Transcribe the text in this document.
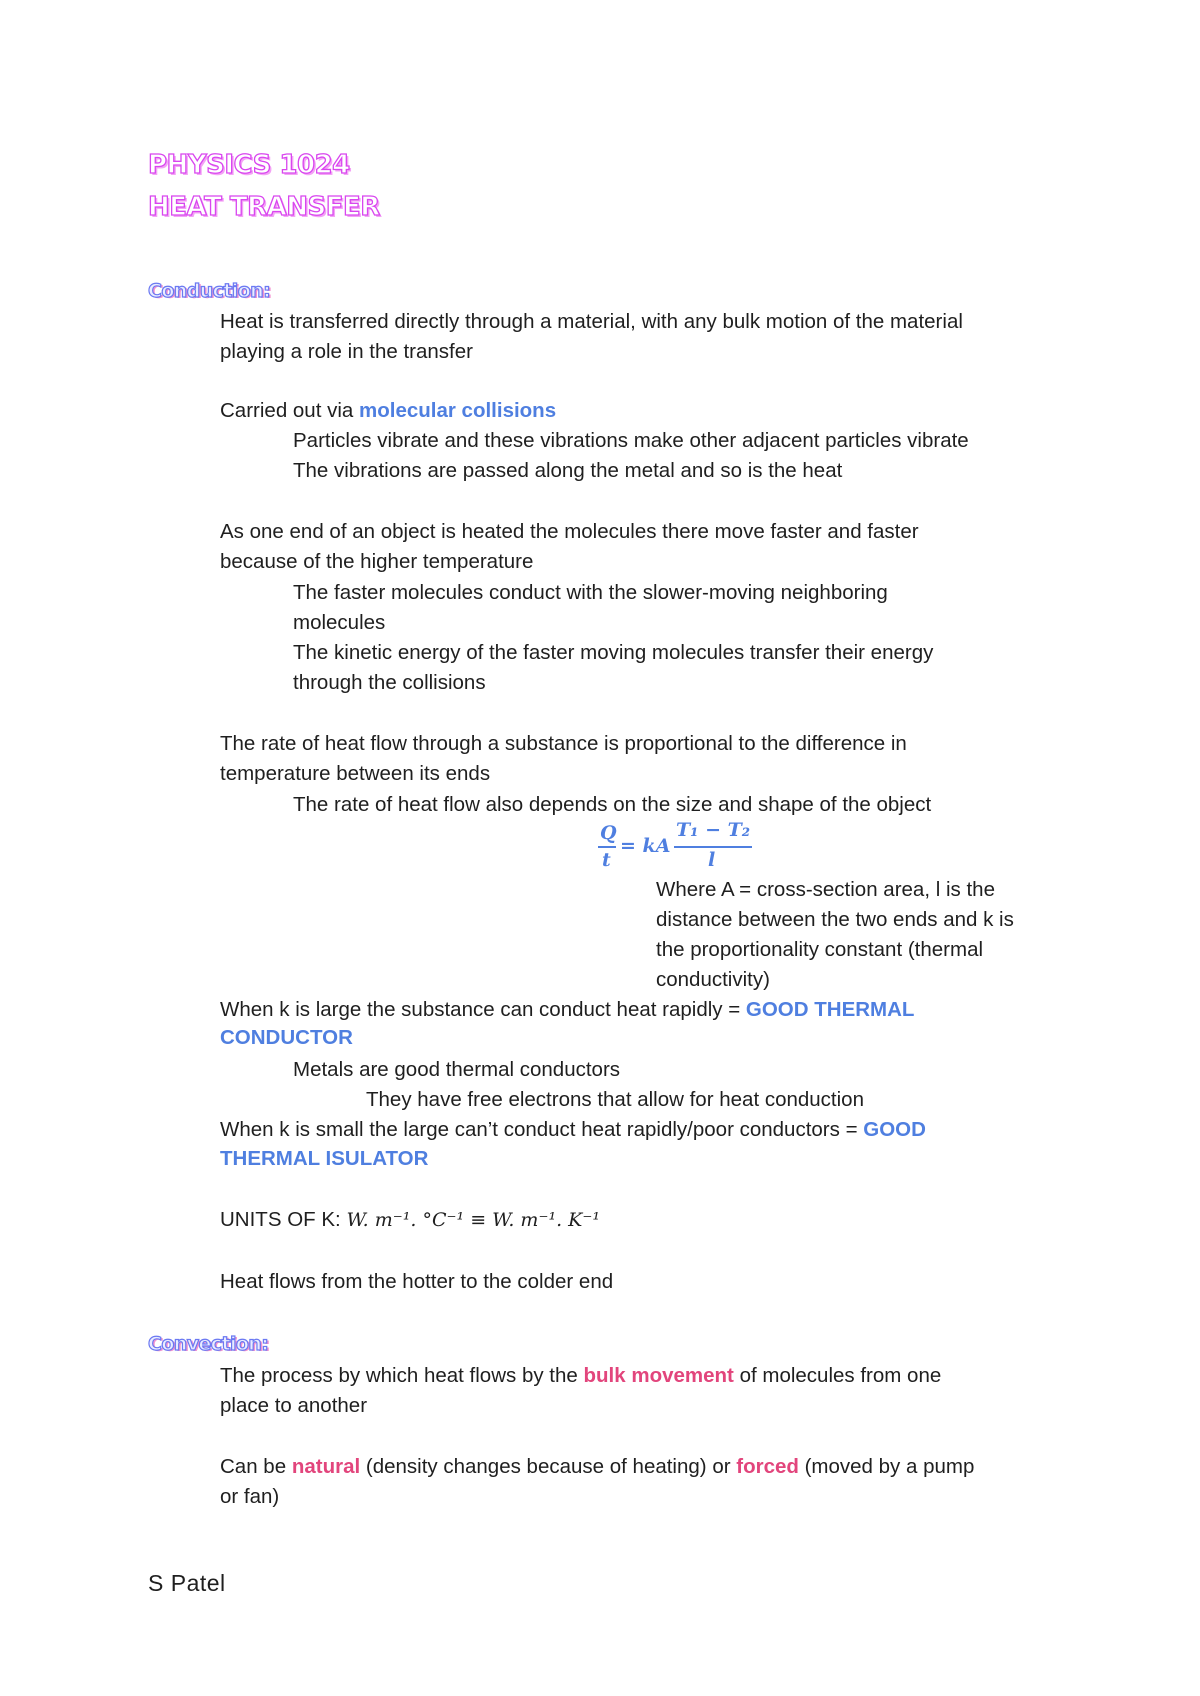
PHYSICS 1024
HEAT TRANSFER
Conduction:
Heat is transferred directly through a material, with any bulk motion of the material
playing a role in the transfer
Carried out via molecular collisions
Particles vibrate and these vibrations make other adjacent particles vibrate
The vibrations are passed along the metal and so is the heat
As one end of an object is heated the molecules there move faster and faster
because of the higher temperature
The faster molecules conduct with the slower-moving neighboring
molecules
The kinetic energy of the faster moving molecules transfer their energy
through the collisions
The rate of heat flow through a substance is proportional to the difference in
temperature between its ends
The rate of heat flow also depends on the size and shape of the object
Q
t
= kA
T₁ − T₂
l
Where A = cross-section area, l is the
distance between the two ends and k is
the proportionality constant (thermal
conductivity)
When k is large the substance can conduct heat rapidly = GOOD THERMAL
CONDUCTOR
Metals are good thermal conductors
They have free electrons that allow for heat conduction
When k is small the large can’t conduct heat rapidly/poor conductors = GOOD
THERMAL ISULATOR
UNITS OF K: W. m⁻¹. °C⁻¹ ≡ W. m⁻¹. K⁻¹
Heat flows from the hotter to the colder end
Convection:
The process by which heat flows by the bulk movement of molecules from one
place to another
Can be natural (density changes because of heating) or forced (moved by a pump
or fan)
S Patel
